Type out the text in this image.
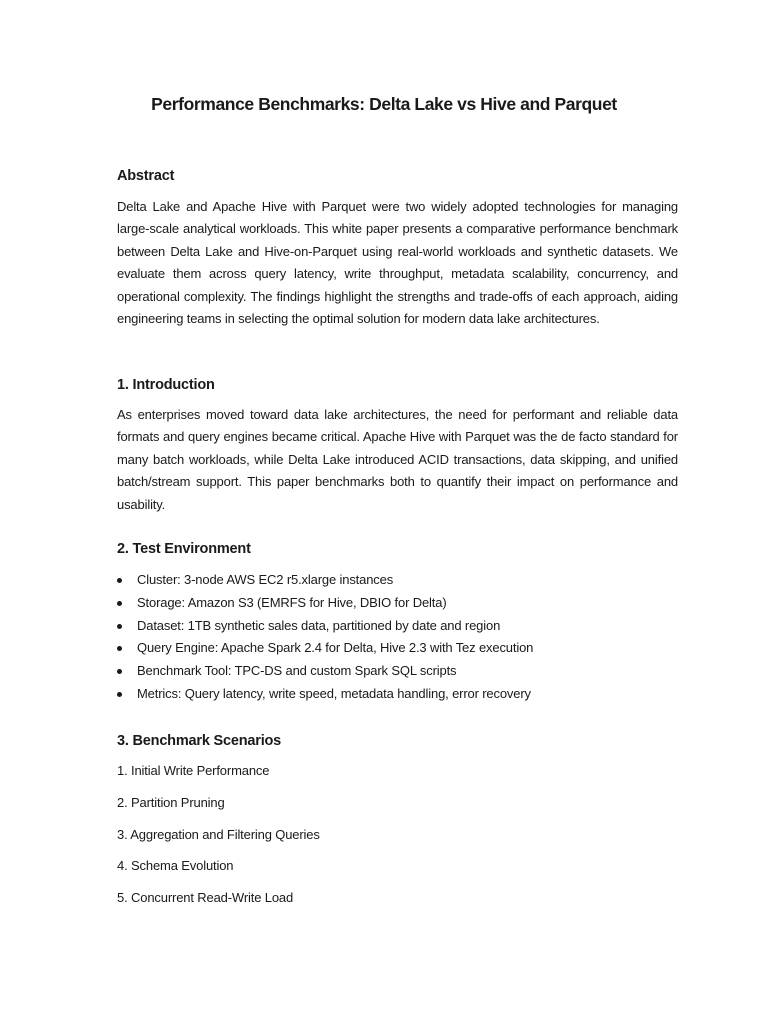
Performance Benchmarks: Delta Lake vs Hive and Parquet
Abstract

Delta Lake and Apache Hive with Parquet were two widely adopted technologies for managing large-scale analytical workloads. This white paper presents a comparative performance benchmark between Delta Lake and Hive-on-Parquet using real-world workloads and synthetic datasets. We evaluate them across query latency, write throughput, metadata scalability, concurrency, and operational complexity. The findings highlight the strengths and trade-offs of each approach, aiding engineering teams in selecting the optimal solution for modern data lake architectures.

1. Introduction

As enterprises moved toward data lake architectures, the need for performant and reliable data formats and query engines became critical. Apache Hive with Parquet was the de facto standard for many batch workloads, while Delta Lake introduced ACID transactions, data skipping, and unified batch/stream support. This paper benchmarks both to quantify their impact on performance and usability.

2. Test Environment
Cluster: 3-node AWS EC2 r5.xlarge instances
Storage: Amazon S3 (EMRFS for Hive, DBIO for Delta)
Dataset: 1TB synthetic sales data, partitioned by date and region
Query Engine: Apache Spark 2.4 for Delta, Hive 2.3 with Tez execution
Benchmark Tool: TPC-DS and custom Spark SQL scripts
Metrics: Query latency, write speed, metadata handling, error recovery
3. Benchmark Scenarios
1. Initial Write Performance
2. Partition Pruning
3. Aggregation and Filtering Queries
4. Schema Evolution
5. Concurrent Read-Write Load
